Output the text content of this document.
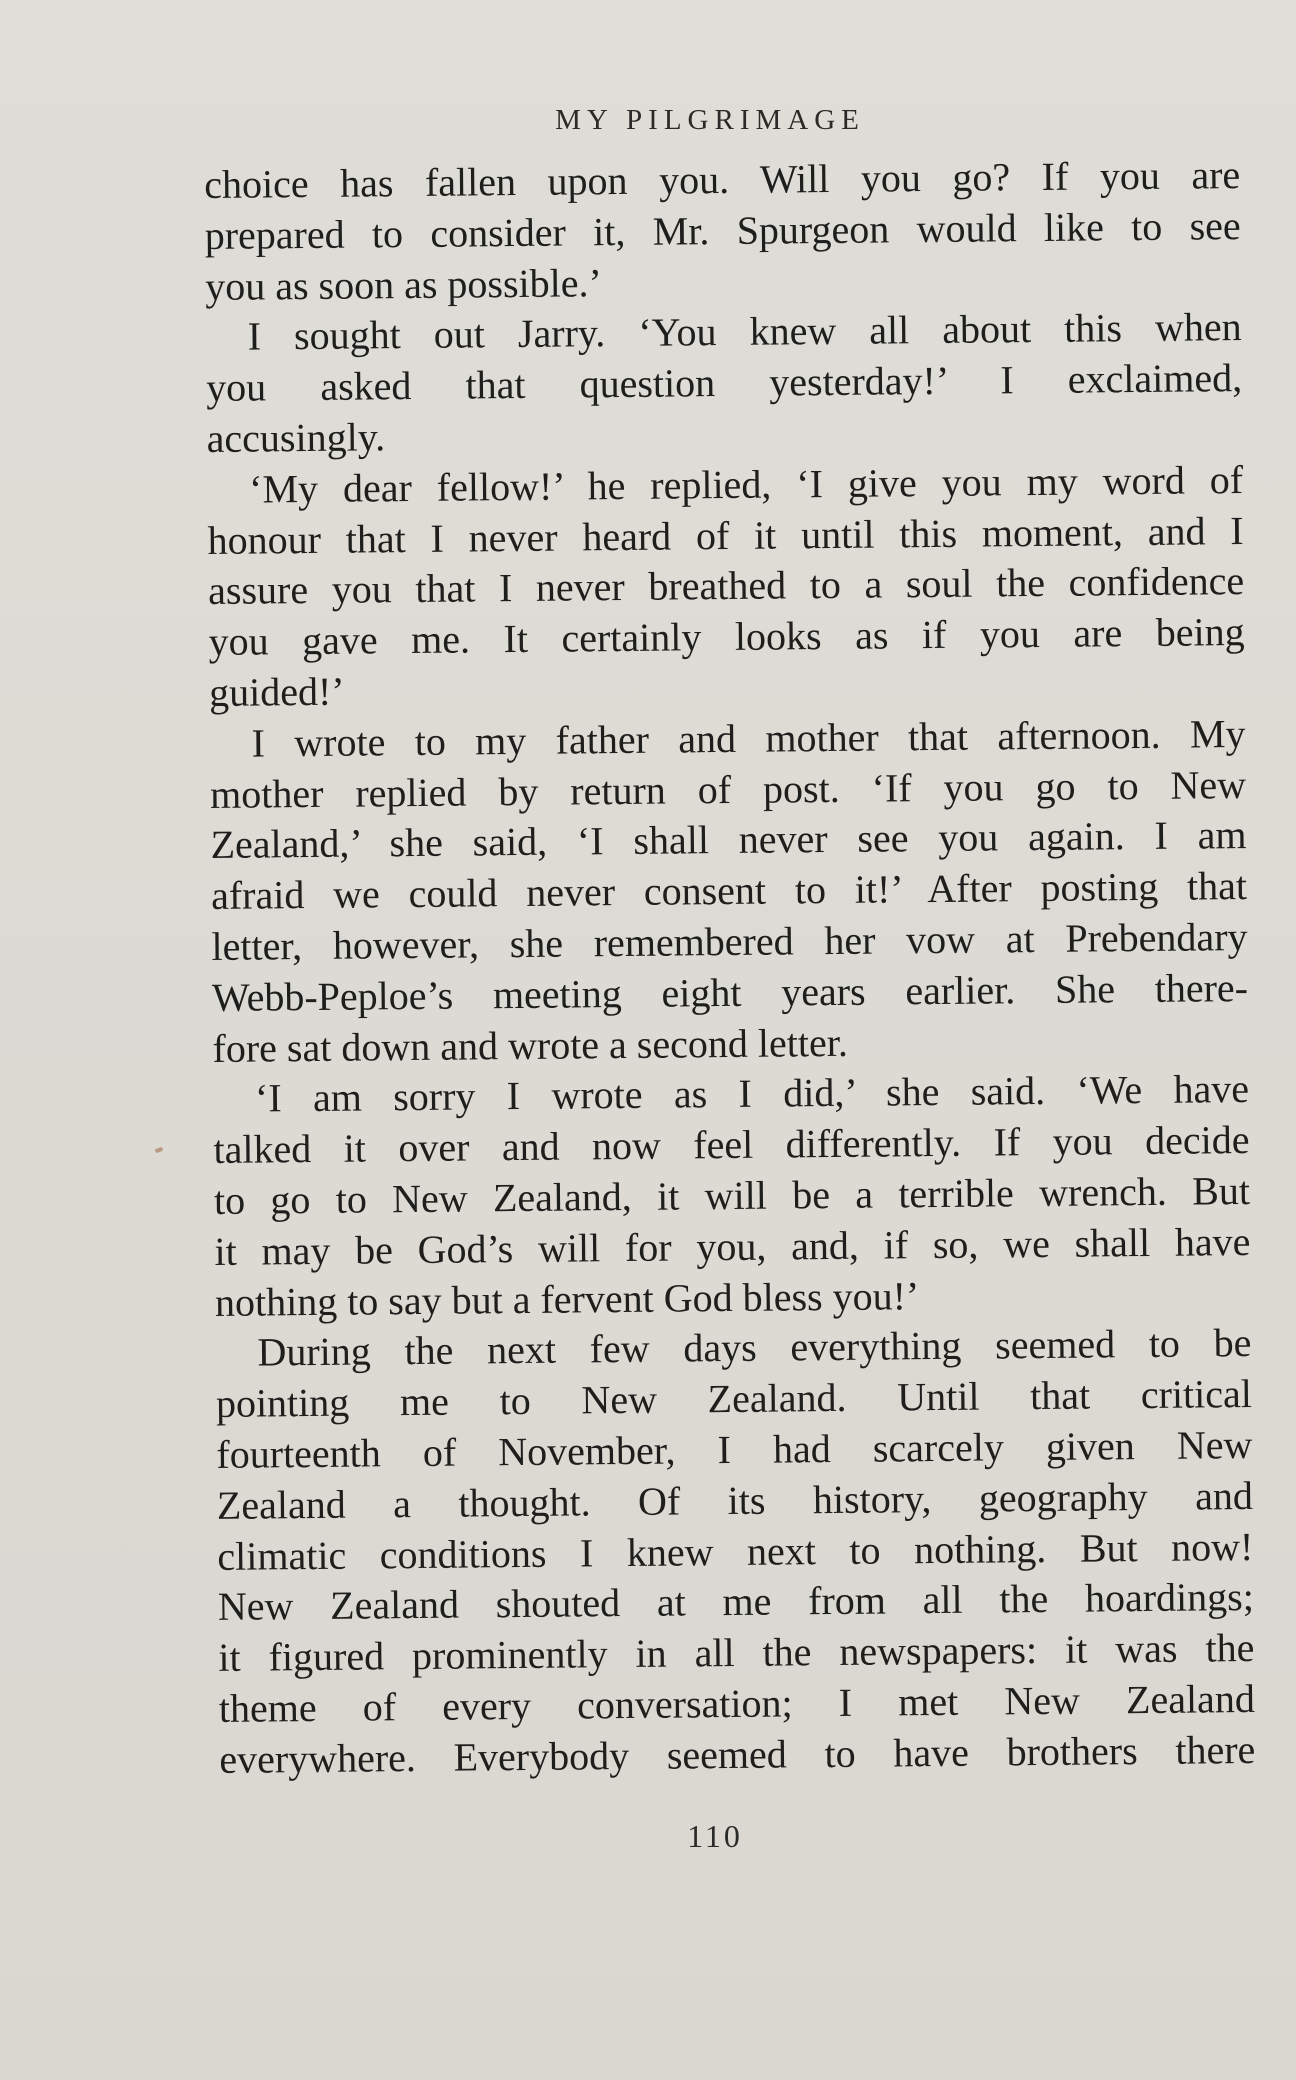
MY PILGRIMAGE
choice has fallen upon you. Will you go? If you are
prepared to consider it, Mr. Spurgeon would like to see
you as soon as possible.’
I sought out Jarry. ‘You knew all about this when
you asked that question yesterday!’ I exclaimed,
accusingly.
‘My dear fellow!’ he replied, ‘I give you my word of
honour that I never heard of it until this moment, and I
assure you that I never breathed to a soul the confidence
you gave me. It certainly looks as if you are being
guided!’
I wrote to my father and mother that afternoon. My
mother replied by return of post. ‘If you go to New
Zealand,’ she said, ‘I shall never see you again. I am
afraid we could never consent to it!’ After posting that
letter, however, she remembered her vow at Prebendary
Webb-Peploe’s meeting eight years earlier. She there-
fore sat down and wrote a second letter.
‘I am sorry I wrote as I did,’ she said. ‘We have
talked it over and now feel differently. If you decide
to go to New Zealand, it will be a terrible wrench. But
it may be God’s will for you, and, if so, we shall have
nothing to say but a fervent God bless you!’
During the next few days everything seemed to be
pointing me to New Zealand. Until that critical
fourteenth of November, I had scarcely given New
Zealand a thought. Of its history, geography and
climatic conditions I knew next to nothing. But now!
New Zealand shouted at me from all the hoardings;
it figured prominently in all the newspapers: it was the
theme of every conversation; I met New Zealand
everywhere. Everybody seemed to have brothers there
110
